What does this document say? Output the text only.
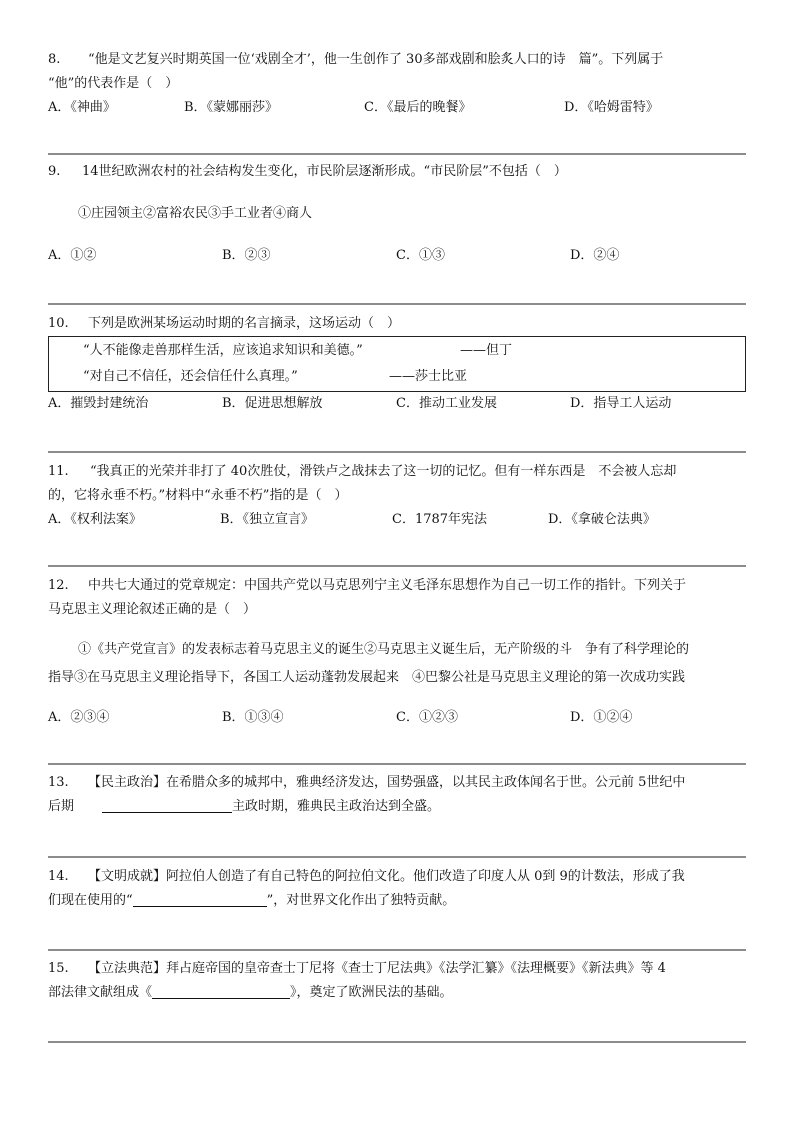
8. “他是文艺复兴时期英国一位‘戏剧全才’，他一生创作了 30多部戏剧和脍炙人口的诗　篇”。下列属于
“他”的代表作是（　）
A．《神曲》	B．《蒙娜丽莎》	C．《最后的晚餐》	D．《哈姆雷特》
9. 14世纪欧洲农村的社会结构发生变化，市民阶层逐渐形成。“市民阶层”不包括（　）
①庄园领主②富裕农民③手工业者④商人
A．①②	B．②③	C．①③	D．②④
10. 下列是欧洲某场运动时期的名言摘录，这场运动（　）
“人不能像走兽那样生活，应该追求知识和美德。”	——但丁
“对自己不信任，还会信任什么真理。”	——莎士比亚
A．摧毁封建统治	B．促进思想解放	C．推动工业发展	D．指导工人运动
11. “我真正的光荣并非打了 40次胜仗，滑铁卢之战抹去了这一切的记忆。但有一样东西是　不会被人忘却
的，它将永垂不朽。”材料中“永垂不朽”指的是（　）
A．《权利法案》	B．《独立宣言》	C．1787年宪法	D．《拿破仑法典》
12. 中共七大通过的党章规定：中国共产党以马克思列宁主义毛泽东思想作为自己一切工作的指针。下列关于
马克思主义理论叙述正确的是（　）
①《共产党宣言》的发表标志着马克思主义的诞生②马克思主义诞生后，无产阶级的斗　争有了科学理论的
指导③在马克思主义理论指导下，各国工人运动蓬勃发展起来　④巴黎公社是马克思主义理论的第一次成功实践
A．②③④	B．①③④	C．①②③	D．①②④
13. 【民主政治】在希腊众多的城邦中，雅典经济发达，国势强盛，以其民主政体闻名于世。公元前 5世纪中
后期	主政时期，雅典民主政治达到全盛。
14. 【文明成就】阿拉伯人创造了有自己特色的阿拉伯文化。他们改造了印度人从 0到 9的计数法，形成了我
们现在使用的“	”，对世界文化作出了独特贡献。
15. 【立法典范】拜占庭帝国的皇帝查士丁尼将《查士丁尼法典》《法学汇纂》《法理概要》《新法典》等 4
部法律文献组成《	》，奠定了欧洲民法的基础。
